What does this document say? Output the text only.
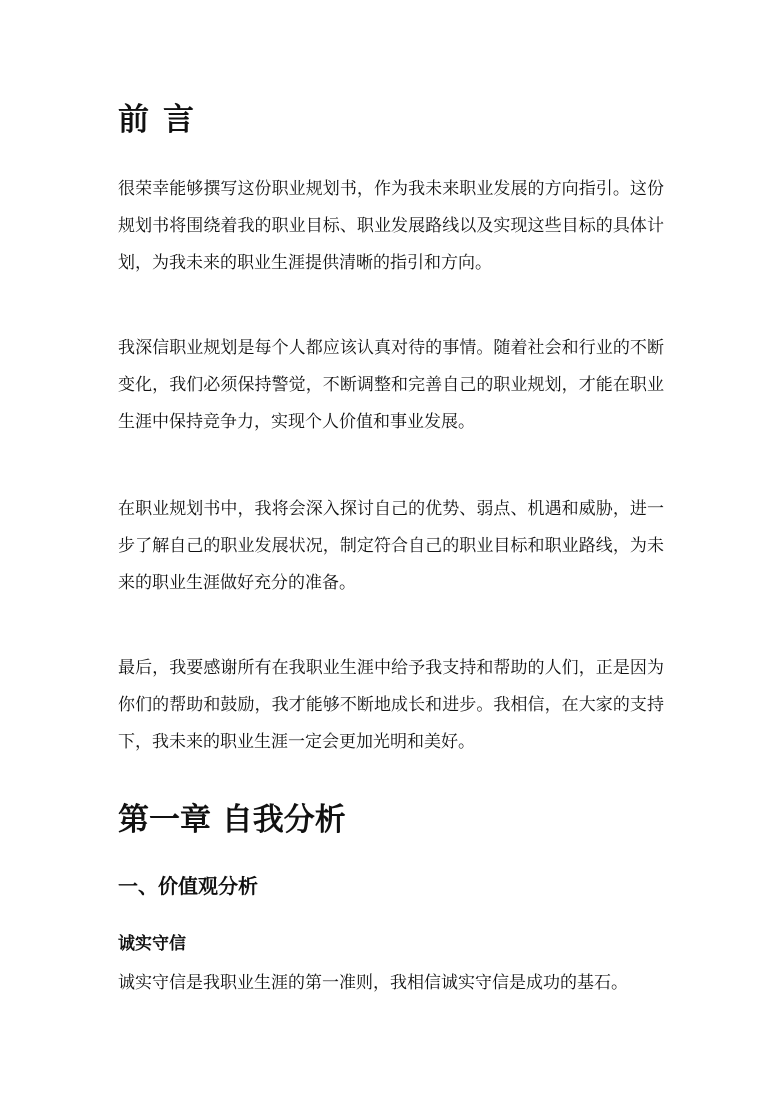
前言

很荣幸能够撰写这份职业规划书，作为我未来职业发展的方向指引。这份规划书将围绕着我的职业目标、职业发展路线以及实现这些目标的具体计划，为我未来的职业生涯提供清晰的指引和方向。

我深信职业规划是每个人都应该认真对待的事情。随着社会和行业的不断变化，我们必须保持警觉，不断调整和完善自己的职业规划，才能在职业生涯中保持竞争力，实现个人价值和事业发展。

在职业规划书中，我将会深入探讨自己的优势、弱点、机遇和威胁，进一步了解自己的职业发展状况，制定符合自己的职业目标和职业路线，为未来的职业生涯做好充分的准备。

最后，我要感谢所有在我职业生涯中给予我支持和帮助的人们，正是因为你们的帮助和鼓励，我才能够不断地成长和进步。我相信，在大家的支持下，我未来的职业生涯一定会更加光明和美好。

第一章 自我分析
一、价值观分析
诚实守信

诚实守信是我职业生涯的第一准则，我相信诚实守信是成功的基石。
